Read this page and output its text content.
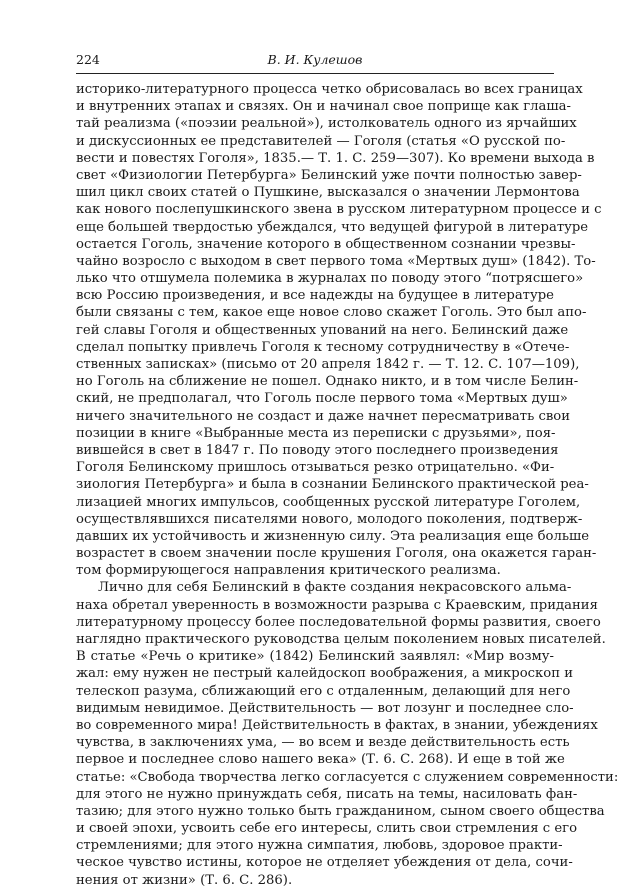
224	В. И. Кулешов
историко-литературного процесса четко обрисовалась во всех границах
и внутренних этапах и связях. Он и начинал свое поприще как глаша-
тай реализма («поэзии реальной»), истолкователь одного из ярчайших
и дискуссионных ее представителей — Гоголя (статья «О русской по-
вести и повестях Гоголя», 1835.— Т. 1. С. 259—307). Ко времени выхода в
свет «Физиологии Петербурга» Белинский уже почти полностью завер-
шил цикл своих статей о Пушкине, высказался о значении Лермонтова
как нового послепушкинского звена в русском литературном процессе и с
еще большей твердостью убеждался, что ведущей фигурой в литературе
остается Гоголь, значение которого в общественном сознании чрезвы-
чайно возросло с выходом в свет первого тома «Мертвых душ» (1842). То-
лько что отшумела полемика в журналах по поводу этого “потрясшего»
всю Россию произведения, и все надежды на будущее в литературе
были связаны с тем, какое еще новое слово скажет Гоголь. Это был апо-
гей славы Гоголя и общественных упований на него. Белинский даже
сделал попытку привлечь Гоголя к тесному сотрудничеству в «Отече-
ственных записках» (письмо от 20 апреля 1842 г. — Т. 12. С. 107—109),
но Гоголь на сближение не пошел. Однако никто, и в том числе Белин-
ский, не предполагал, что Гоголь после первого тома «Мертвых душ»
ничего значительного не создаст и даже начнет пересматривать свои
позиции в книге «Выбранные места из переписки с друзьями», поя-
вившейся в свет в 1847 г. По поводу этого последнего произведения
Гоголя Белинскому пришлось отзываться резко отрицательно. «Фи-
зиология Петербурга» и была в сознании Белинского практической реа-
лизацией многих импульсов, сообщенных русской литературе Гоголем,
осуществлявшихся писателями нового, молодого поколения, подтверж-
давших их устойчивость и жизненную силу. Эта реализация еще больше
возрастет в своем значении после крушения Гоголя, она окажется гаран-
том формирующегося направления критического реализма.
Лично для себя Белинский в факте создания некрасовского альма-
наха обретал уверенность в возможности разрыва с Краевским, придания
литературному процессу более последовательной формы развития, своего
наглядно практического руководства целым поколением новых писателей.
В статье «Речь о критике» (1842) Белинский заявлял: «Мир возму-
жал: ему нужен не пестрый калейдоскоп воображения, а микроскоп и
телескоп разума, сближающий его с отдаленным, делающий для него
видимым невидимое. Действительность — вот лозунг и последнее сло-
во современного мира! Действительность в фактах, в знании, убеждениях
чувства, в заключениях ума, — во всем и везде действительность есть
первое и последнее слово нашего века» (Т. 6. С. 268). И еще в той же
статье: «Свобода творчества легко согласуется с служением современности:
для этого не нужно принуждать себя, писать на темы, насиловать фан-
тазию; для этого нужно только быть гражданином, сыном своего общества
и своей эпохи, усвоить себе его интересы, слить свои стремления с его
стремлениями; для этого нужна симпатия, любовь, здоровое практи-
ческое чувство истины, которое не отделяет убеждения от дела, сочи-
нения от жизни» (Т. 6. С. 286).
